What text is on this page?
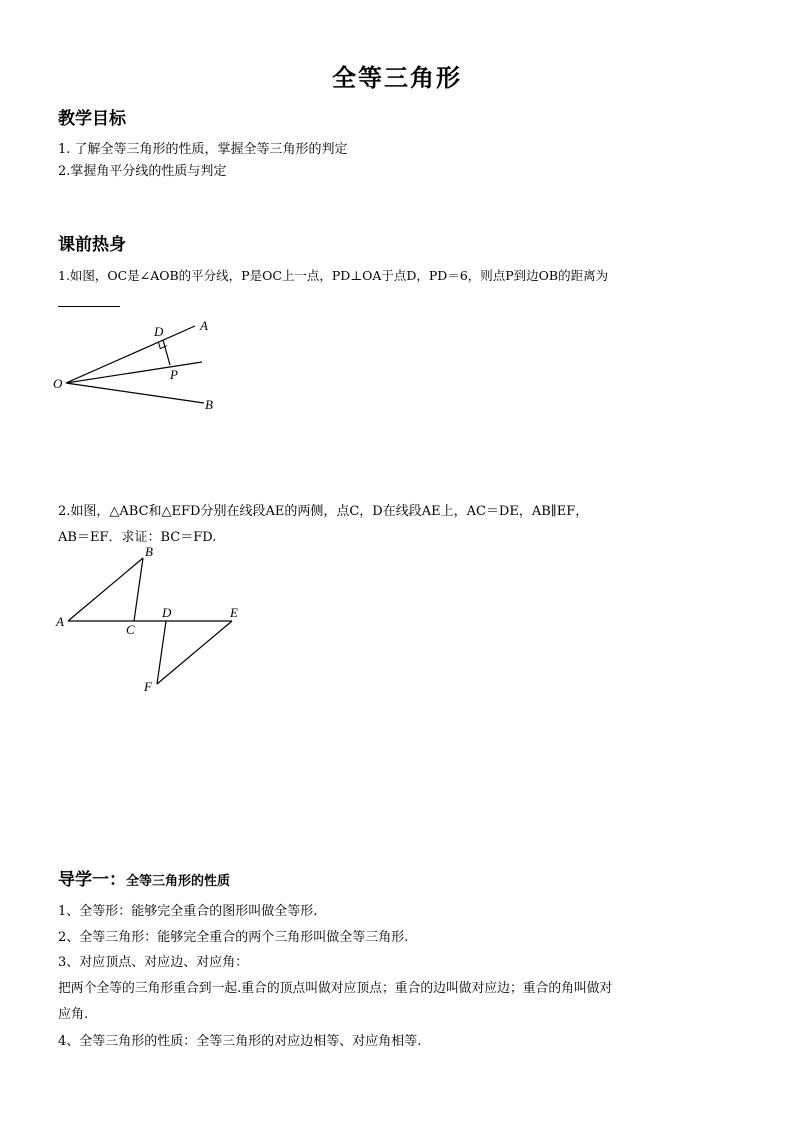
全等三角形
教学目标
1. 了解全等三角形的性质，掌握全等三角形的判定
2.掌握角平分线的性质与判定
课前热身
1.如图，OC是∠AOB的平分线，P是OC上一点，PD⊥OA于点D，PD＝6，则点P到边OB的距离为
O
A
B
D
P
2.如图，△ABC和△EFD分别在线段AE的两侧，点C，D在线段AE上，AC＝DE，AB∥EF，
AB＝EF．求证：BC＝FD.
A
B
C
D	E
F
导学一：全等三角形的性质
1、全等形：能够完全重合的图形叫做全等形.
2、全等三角形：能够完全重合的两个三角形叫做全等三角形.
3、对应顶点、对应边、对应角：
把两个全等的三角形重合到一起.重合的顶点叫做对应顶点；重合的边叫做对应边；重合的角叫做对
应角.
4、全等三角形的性质：全等三角形的对应边相等、对应角相等.
